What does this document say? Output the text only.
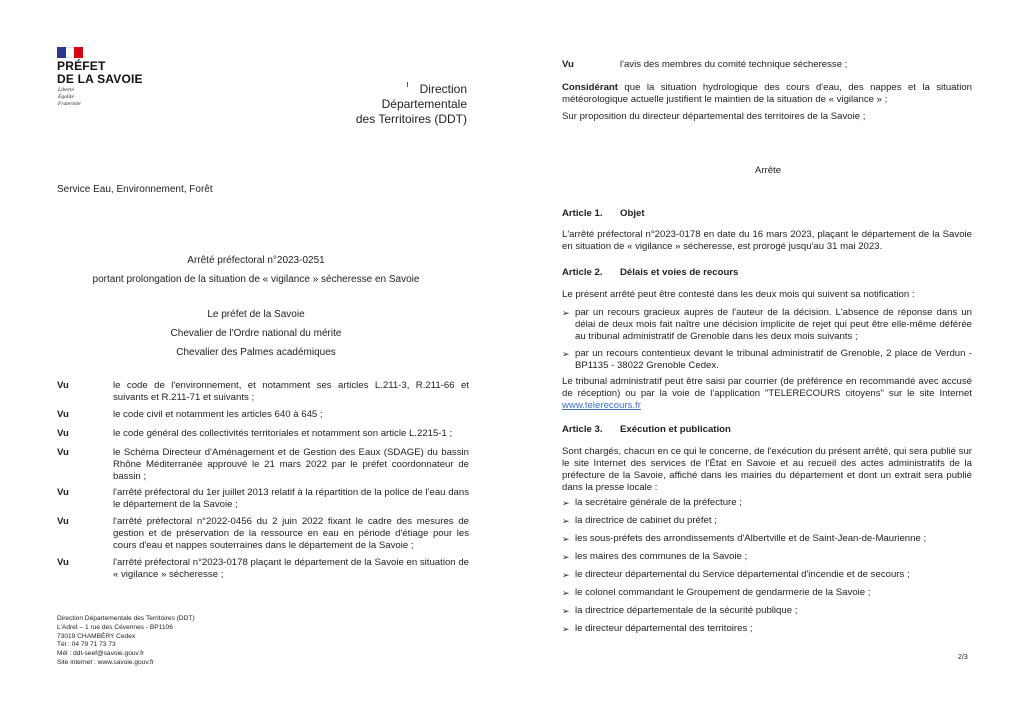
PRÉFET
DE LA SAVOIE
Liberté
Égalité
Fraternité
Direction
Départementale
des Territoires (DDT)
Service Eau, Environnement, Forêt
Arrêté préfectoral n°2023-0251
portant prolongation de la situation de « vigilance » sécheresse en Savoie
Le préfet de la Savoie
Chevalier de l'Ordre national du mérite
Chevalier des Palmes académiques
Vu	le code de l'environnement, et notamment ses articles L.211-3, R.211-66 et suivants et R.211-71 et suivants ;
Vu	le code civil et notamment les articles 640 à 645 ;
Vu	le code général des collectivités territoriales et notamment son article L.2215-1 ;
Vu	le Schéma Directeur d'Aménagement et de Gestion des Eaux (SDAGE) du bassin Rhône Méditerranée approuvé le 21 mars 2022 par le préfet coordonnateur de bassin ;
Vu	l'arrêté préfectoral du 1er juillet 2013 relatif à la répartition de la police de l'eau dans le département de la Savoie ;
Vu	l'arrêté préfectoral n°2022-0456 du 2 juin 2022 fixant le cadre des mesures de gestion et de préservation de la ressource en eau en période d'étiage pour les cours d'eau et nappes souterraines dans le département de la Savoie ;
Vu	l'arrêté préfectoral n°2023-0178 plaçant le département de la Savoie en situation de « vigilance » sécheresse ;
Direction Départementale des Territoires (DDT)
L'Adret – 1 rue des Cévennes - BP1106
73019 CHAMBÉRY Cedex
Tél : 04 79 71 73 73
Mél : ddt-seef@savoie.gouv.fr
Site internet : www.savoie.gouv.fr
Vu	l'avis des membres du comité technique sécheresse ;
Considérant que la situation hydrologique des cours d'eau, des nappes et la situation météorologique actuelle justifient le maintien de la situation de « vigilance » ;
Sur proposition du directeur départemental des territoires de la Savoie ;
Arrête
Article 1. Objet
L'arrêté préfectoral n°2023-0178 en date du 16 mars 2023, plaçant le département de la Savoie en situation de « vigilance » sécheresse, est prorogé jusqu'au 31 mai 2023.
Article 2. Délais et voies de recours
Le présent arrêté peut être contesté dans les deux mois qui suivent sa notification :
➢ par un recours gracieux auprès de l'auteur de la décision. L'absence de réponse dans un délai de deux mois fait naître une décision implicite de rejet qui peut être elle-même déférée au tribunal administratif de Grenoble dans les deux mois suivants ;
➢ par un recours contentieux devant le tribunal administratif de Grenoble, 2 place de Verdun - BP1135 - 38022 Grenoble Cedex.
Le tribunal administratif peut être saisi par courrier (de préférence en recommandé avec accusé de réception) ou par la voie de l'application "TELERECOURS citoyens" sur le site Internet www.telerecours.fr
Article 3. Exécution et publication
Sont chargés, chacun en ce qui le concerne, de l'exécution du présent arrêté, qui sera publié sur le site Internet des services de l'État en Savoie et au recueil des actes administratifs de la préfecture de la Savoie, affiché dans les mairies du département et dont un extrait sera publié dans la presse locale :
➢ la secrétaire générale de la préfecture ;
➢ la directrice de cabinet du préfet ;
➢ les sous-préfets des arrondissements d'Albertville et de Saint-Jean-de-Maurienne ;
➢ les maires des communes de la Savoie ;
➢ le directeur départemental du Service départemental d'incendie et de secours ;
➢ le colonel commandant le Groupement de gendarmerie de la Savoie ;
➢ la directrice départementale de la sécurité publique ;
➢ le directeur départemental des territoires ;
2/3
